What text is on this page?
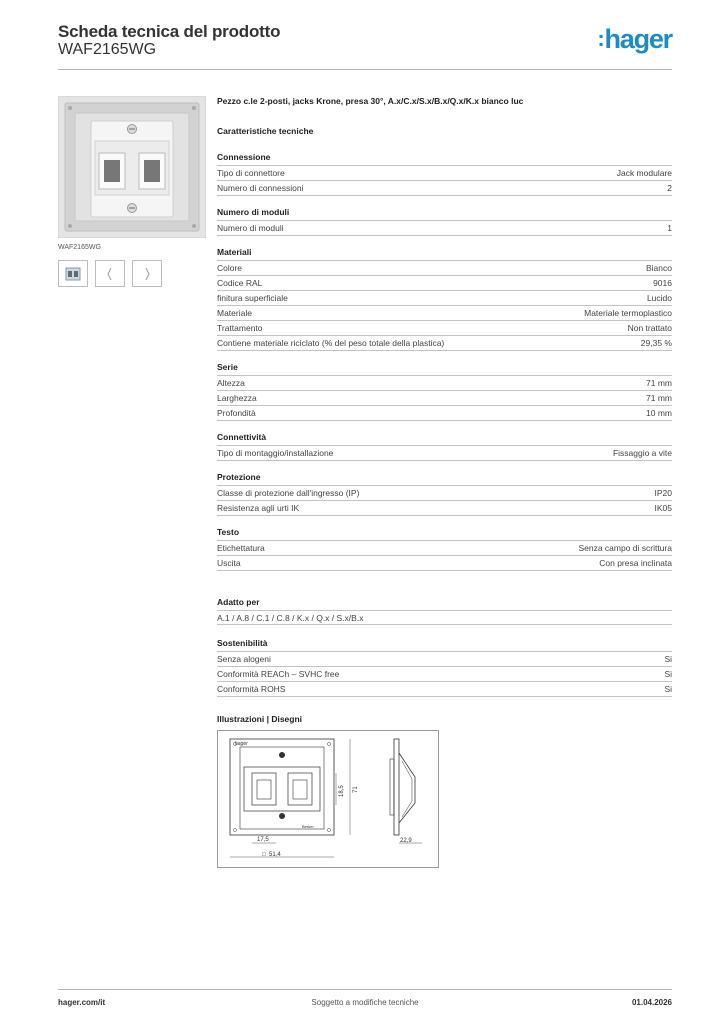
Scheda tecnica del prodotto
WAF2165WG	:hager
WAF2165WG
Pezzo c.le 2-posti, jacks Krone, presa 30°, A.x/C.x/S.x/B.x/Q.x/K.x bianco luc
Caratteristiche tecniche
Connessione
Tipo di connettore	Jack modulare
Numero di connessioni	2
Numero di moduli
Numero di moduli	1
Materiali
Colore	Bianco
Codice RAL	9016
finitura superficiale	Lucido
Materiale	Materiale termoplastico
Trattamento	Non trattato
Contiene materiale riciclato (% del peso totale della plastica)	29,35 %
Serie
Altezza	71 mm
Larghezza	71 mm
Profondità	10 mm
Connettività
Tipo di montaggio/installazione	Fissaggio a vite
Protezione
Classe di protezione dall'ingresso (IP)	IP20
Resistenza agli urti IK	IK05
Testo
Etichettatura	Senza campo di scrittura
Uscita	Con presa inclinata
Adatto per
A.1 / A.8 / C.1 / C.8 / K.x / Q.x / S.x/B.x
Sostenibilità
Senza alogeni	Si
Conformità REACh – SVHC free	Si
Conformità ROHS	Si
Illustrazioni | Disegni
hager
Berker
17,5
□ 51,4
18,5 71
22,9
hager.com/it	Soggetto a modifiche tecniche	01.04.2026
